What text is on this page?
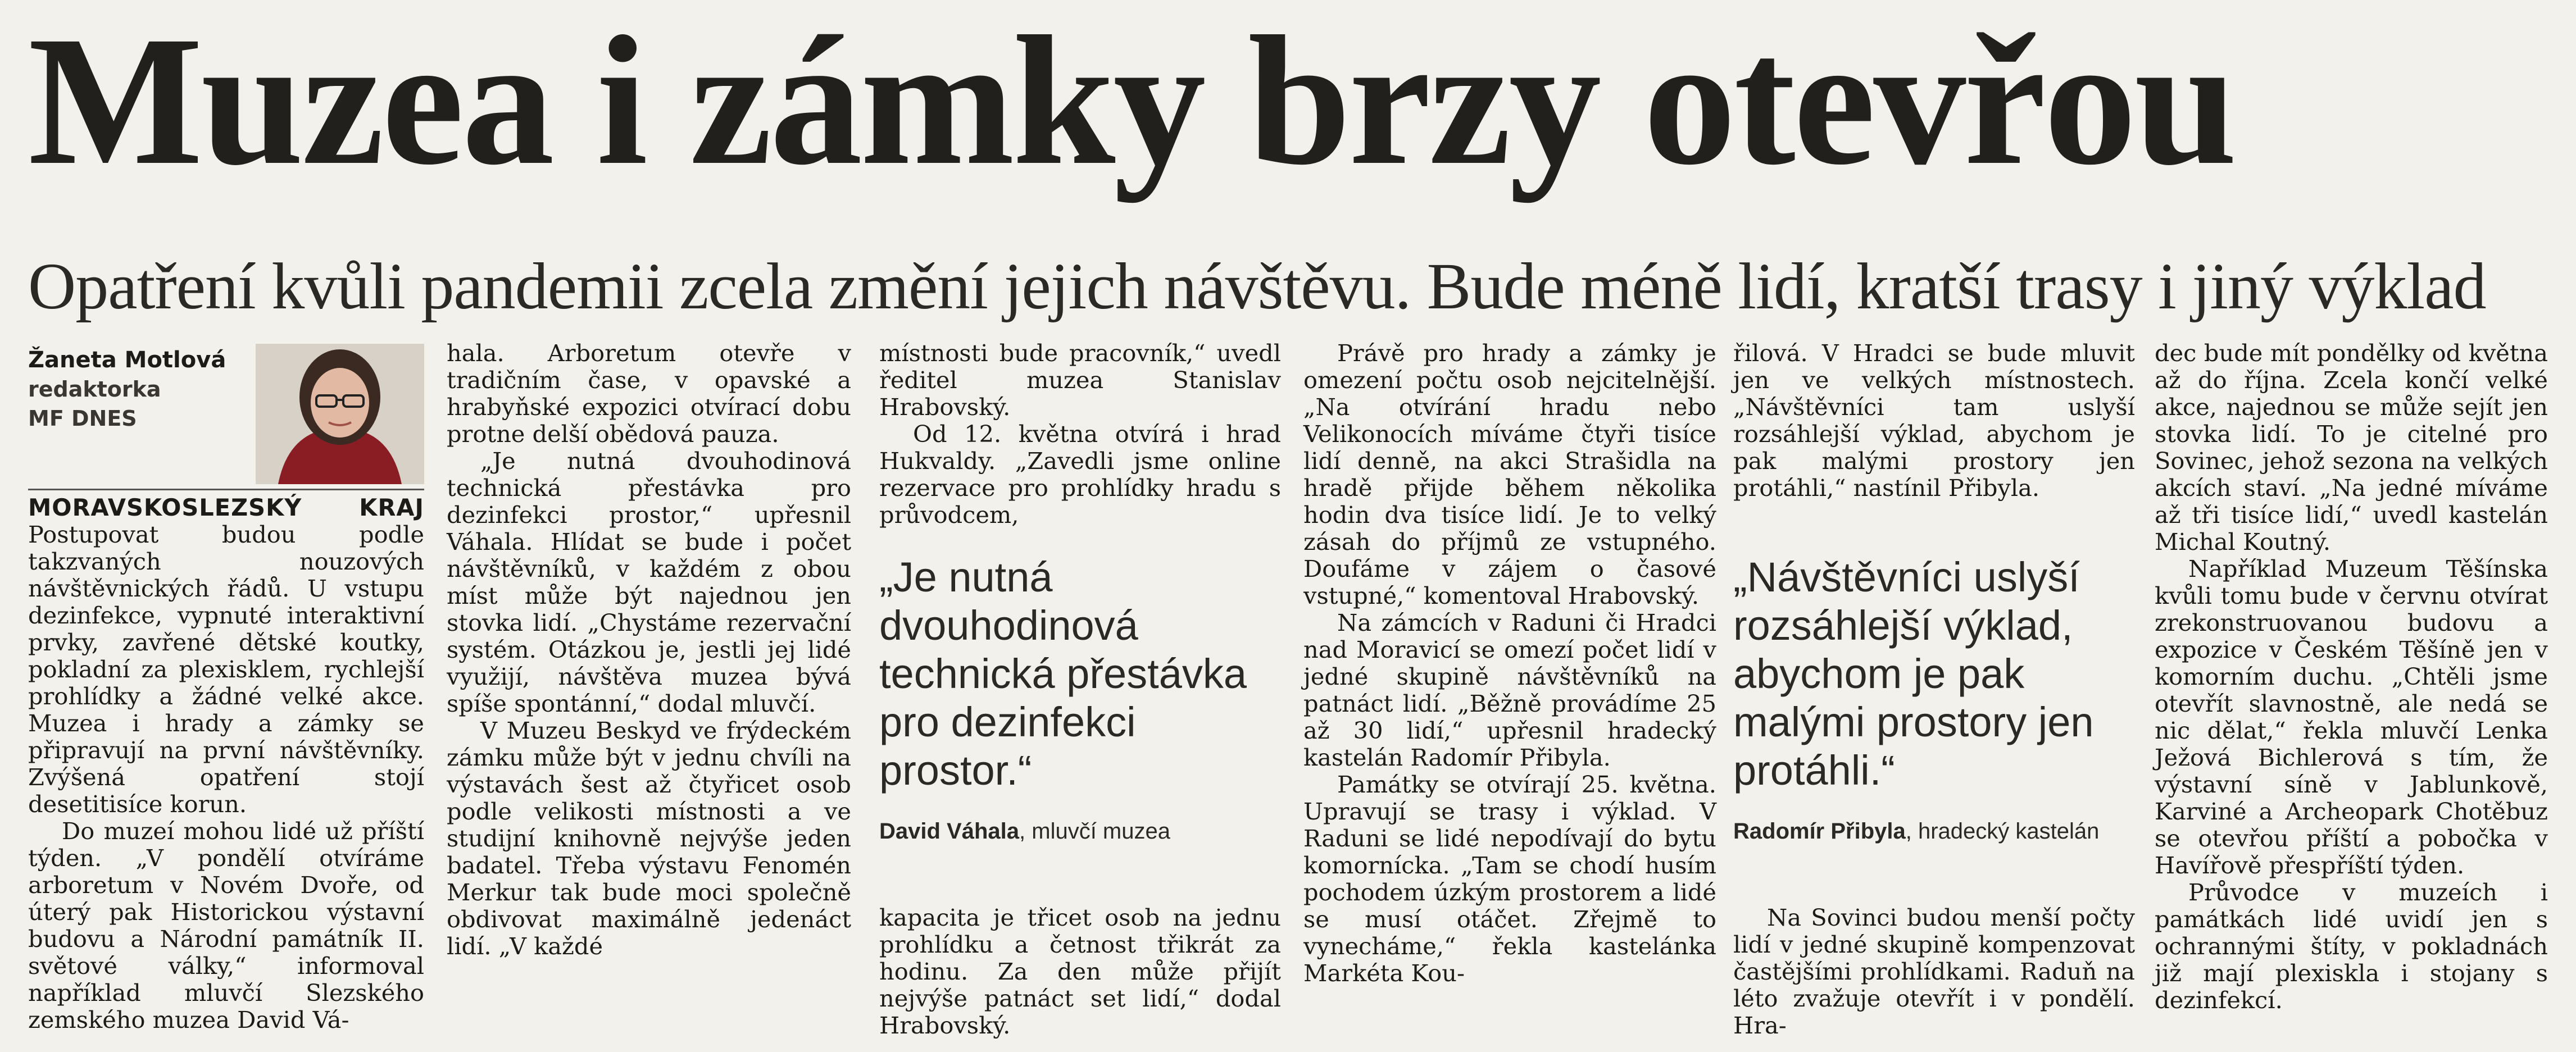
Muzea i zámky brzy otevřou
Opatření kvůli pandemii zcela změní jejich návštěvu. Bude méně lidí, kratší trasy i jiný výklad
Žaneta Motlová
redaktorka
MF DNES

MORAVSKOSLEZSKÝ KRAJ Postupovat budou podle takzvaných nouzových návštěvnických řádů. U vstupu dezinfekce, vypnuté interaktivní prvky, zavřené dětské koutky, pokladní za plexisklem, rychlejší prohlídky a žádné velké akce. Muzea i hrady a zámky se připravují na první návštěvníky. Zvýšená opatření stojí desetitisíce korun.

Do muzeí mohou lidé už příští týden. „V pondělí otvíráme arboretum v Novém Dvoře, od úterý pak Historickou výstavní budovu a Národní památník II. světové války,“ informoval například mluvčí Slezského zemského muzea David Vá-

hala. Arboretum otevře v tradičním čase, v opavské a hrabyňské expozici otvírací dobu protne delší obědová pauza.

„Je nutná dvouhodinová technická přestávka pro dezinfekci prostor,“ upřesnil Váhala. Hlídat se bude i počet návštěvníků, v každém z obou míst může být najednou jen stovka lidí. „Chystáme rezervační systém. Otázkou je, jestli jej lidé využijí, návštěva muzea bývá spíše spontánní,“ dodal mluvčí.

V Muzeu Beskyd ve frýdeckém zámku může být v jednu chvíli na výstavách šest až čtyřicet osob podle velikosti místnosti a ve studijní knihovně nejvýše jeden badatel. Třeba výstavu Fenomén Merkur tak bude moci společně obdivovat maximálně jedenáct lidí. „V každé

místnosti bude pracovník,“ uvedl ředitel muzea Stanislav Hrabovský.

Od 12. května otvírá i hrad Hukvaldy. „Zavedli jsme online rezervace pro prohlídky hradu s průvodcem,

„Je nutná dvouhodinová technická přestávka pro dezinfekci prostor.“
David Váhala, mluvčí muzea

kapacita je třicet osob na jednu prohlídku a četnost třikrát za hodinu. Za den může přijít nejvýše patnáct set lidí,“ dodal Hrabovský.

Právě pro hrady a zámky je omezení počtu osob nejcitelnější. „Na otvírání hradu nebo Velikonocích míváme čtyři tisíce lidí denně, na akci Strašidla na hradě přijde během několika hodin dva tisíce lidí. Je to velký zásah do příjmů ze vstupného. Doufáme v zájem o časové vstupné,“ komentoval Hrabovský.

Na zámcích v Raduni či Hradci nad Moravicí se omezí počet lidí v jedné skupině návštěvníků na patnáct lidí. „Běžně provádíme 25 až 30 lidí,“ upřesnil hradecký kastelán Radomír Přibyla.

Památky se otvírají 25. května. Upravují se trasy i výklad. V Raduni se lidé nepodívají do bytu komornícka. „Tam se chodí husím pochodem úzkým prostorem a lidé se musí otáčet. Zřejmě to vynecháme,“ řekla kastelánka Markéta Kou-

řilová. V Hradci se bude mluvit jen ve velkých místnostech. „Návštěvníci tam uslyší rozsáhlejší výklad, abychom je pak malými prostory jen protáhli,“ nastínil Přibyla.

„Návštěvníci uslyší rozsáhlejší výklad, abychom je pak malými prostory jen protáhli.“
Radomír Přibyla, hradecký kastelán

Na Sovinci budou menší počty lidí v jedné skupině kompenzovat častějšími prohlídkami. Raduň na léto zvažuje otevřít i v pondělí. Hra-

dec bude mít pondělky od května až do října. Zcela končí velké akce, najednou se může sejít jen stovka lidí. To je citelné pro Sovinec, jehož sezona na velkých akcích staví. „Na jedné míváme až tři tisíce lidí,“ uvedl kastelán Michal Koutný.

Například Muzeum Těšínska kvůli tomu bude v červnu otvírat zrekonstruovanou budovu a expozice v Českém Těšíně jen v komorním duchu. „Chtěli jsme otevřít slavnostně, ale nedá se nic dělat,“ řekla mluvčí Lenka Ježová Bichlerová s tím, že výstavní síně v Jablunkově, Karviné a Archeopark Chotěbuz se otevřou příští a pobočka v Havířově přespříští týden.

Průvodce v muzeích i památkách lidé uvidí jen s ochrannými štíty, v pokladnách již mají plexiskla i stojany s dezinfekcí.
